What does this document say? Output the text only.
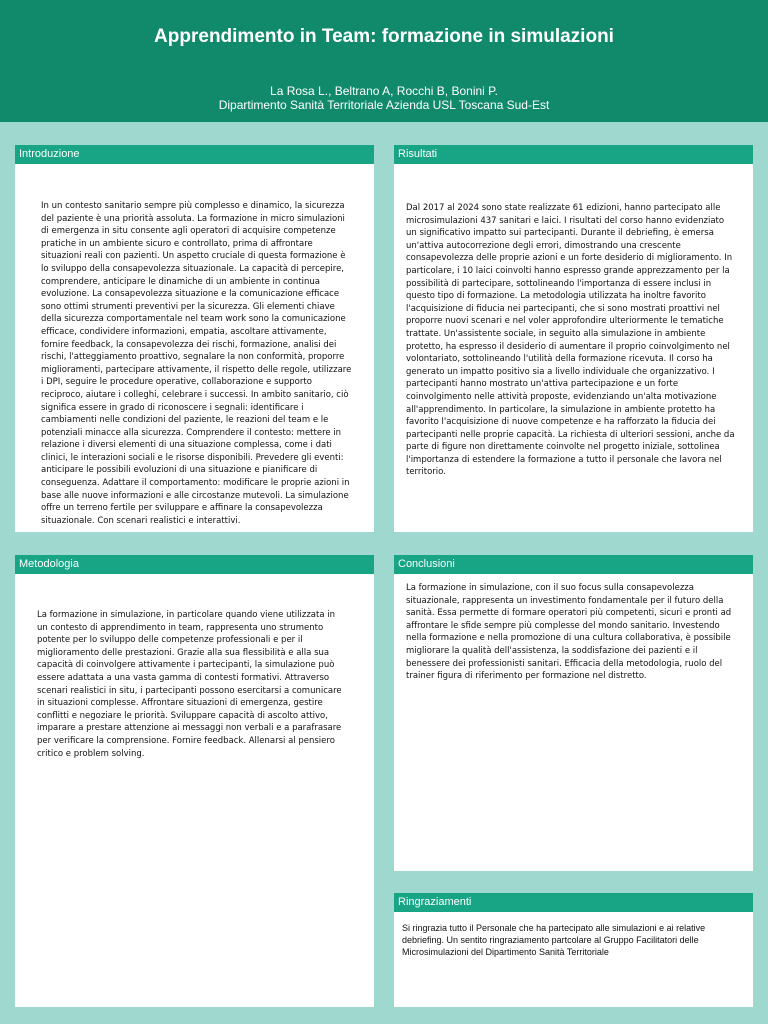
Apprendimento in Team: formazione in simulazioni
La Rosa L., Beltrano A, Rocchi B, Bonini P.
Dipartimento Sanità Territoriale Azienda USL Toscana Sud-Est
Introduzione
In un contesto sanitario sempre più complesso e dinamico, la sicurezza del paziente è una priorità assoluta. La formazione in micro simulazioni di emergenza in situ consente agli operatori di acquisire competenze pratiche in un ambiente sicuro e controllato, prima di affrontare situazioni reali con pazienti. Un aspetto cruciale di questa formazione è lo sviluppo della consapevolezza situazionale. La capacità di percepire, comprendere, anticipare le dinamiche di un ambiente in continua evoluzione. La consapevolezza situazione e la comunicazione efficace sono ottimi strumenti preventivi per la sicurezza. Gli elementi chiave della sicurezza comportamentale nel team work sono la comunicazione efficace, condividere informazioni, empatia, ascoltare attivamente, fornire feedback, la consapevolezza dei rischi, formazione, analisi dei rischi, l'atteggiamento proattivo, segnalare la non conformità, proporre miglioramenti, partecipare attivamente, il rispetto delle regole, utilizzare i DPI, seguire le procedure operative, collaborazione e supporto reciproco, aiutare i colleghi, celebrare i successi. In ambito sanitario, ciò significa essere in grado di riconoscere i segnali: identificare i cambiamenti nelle condizioni del paziente, le reazioni del team e le potenziali minacce alla sicurezza. Comprendere il contesto: mettere in relazione i diversi elementi di una situazione complessa, come i dati clinici, le interazioni sociali e le risorse disponibili. Prevedere gli eventi: anticipare le possibili evoluzioni di una situazione e pianificare di conseguenza. Adattare il comportamento: modificare le proprie azioni in base alle nuove informazioni e alle circostanze mutevoli. La simulazione offre un terreno fertile per sviluppare e affinare la consapevolezza situazionale. Con scenari realistici e interattivi.
Risultati
Dal 2017 al 2024 sono state realizzate 61 edizioni, hanno partecipato alle microsimulazioni 437 sanitari e laici. I risultati del corso hanno evidenziato un significativo impatto sui partecipanti. Durante il debriefing, è emersa un'attiva autocorrezione degli errori, dimostrando una crescente consapevolezza delle proprie azioni e un forte desiderio di miglioramento. In particolare, i 10 laici coinvolti hanno espresso grande apprezzamento per la possibilità di partecipare, sottolineando l'importanza di essere inclusi in questo tipo di formazione. La metodologia utilizzata ha inoltre favorito l'acquisizione di fiducia nei partecipanti, che si sono mostrati proattivi nel proporre nuovi scenari e nel voler approfondire ulteriormente le tematiche trattate. Un'assistente sociale, in seguito alla simulazione in ambiente protetto, ha espresso il desiderio di aumentare il proprio coinvolgimento nel volontariato, sottolineando l'utilità della formazione ricevuta. Il corso ha generato un impatto positivo sia a livello individuale che organizzativo. I partecipanti hanno mostrato un'attiva partecipazione e un forte coinvolgimento nelle attività proposte, evidenziando un'alta motivazione all'apprendimento. In particolare, la simulazione in ambiente protetto ha favorito l'acquisizione di nuove competenze e ha rafforzato la fiducia dei partecipanti nelle proprie capacità. La richiesta di ulteriori sessioni, anche da parte di figure non direttamente coinvolte nel progetto iniziale, sottolinea l'importanza di estendere la formazione a tutto il personale che lavora nel territorio.
Metodologia
La formazione in simulazione, in particolare quando viene utilizzata in un contesto di apprendimento in team, rappresenta uno strumento potente per lo sviluppo delle competenze professionali e per il miglioramento delle prestazioni. Grazie alla sua flessibilità e alla sua capacità di coinvolgere attivamente i partecipanti, la simulazione può essere adattata a una vasta gamma di contesti formativi. Attraverso scenari realistici in situ, i partecipanti possono esercitarsi a comunicare in situazioni complesse. Affrontare situazioni di emergenza, gestire conflitti e negoziare le priorità. Sviluppare capacità di ascolto attivo, imparare a prestare attenzione ai messaggi non verbali e a parafrasare per verificare la comprensione. Fornire feedback. Allenarsi al pensiero critico e problem solving.
Conclusioni
La formazione in simulazione, con il suo focus sulla consapevolezza situazionale, rappresenta un investimento fondamentale per il futuro della sanità. Essa permette di formare operatori più competenti, sicuri e pronti ad affrontare le sfide sempre più complesse del mondo sanitario. Investendo nella formazione e nella promozione di una cultura collaborativa, è possibile migliorare la qualità dell'assistenza, la soddisfazione dei pazienti e il benessere dei professionisti sanitari. Efficacia della metodologia, ruolo del trainer figura di riferimento per formazione nel distretto.
Ringraziamenti
Si ringrazia tutto il Personale che ha partecipato alle simulazioni e ai relative debriefing. Un sentito ringraziamento partcolare al Gruppo Facilitatori delle Microsimulazioni del Dipartimento Sanità Territoriale
